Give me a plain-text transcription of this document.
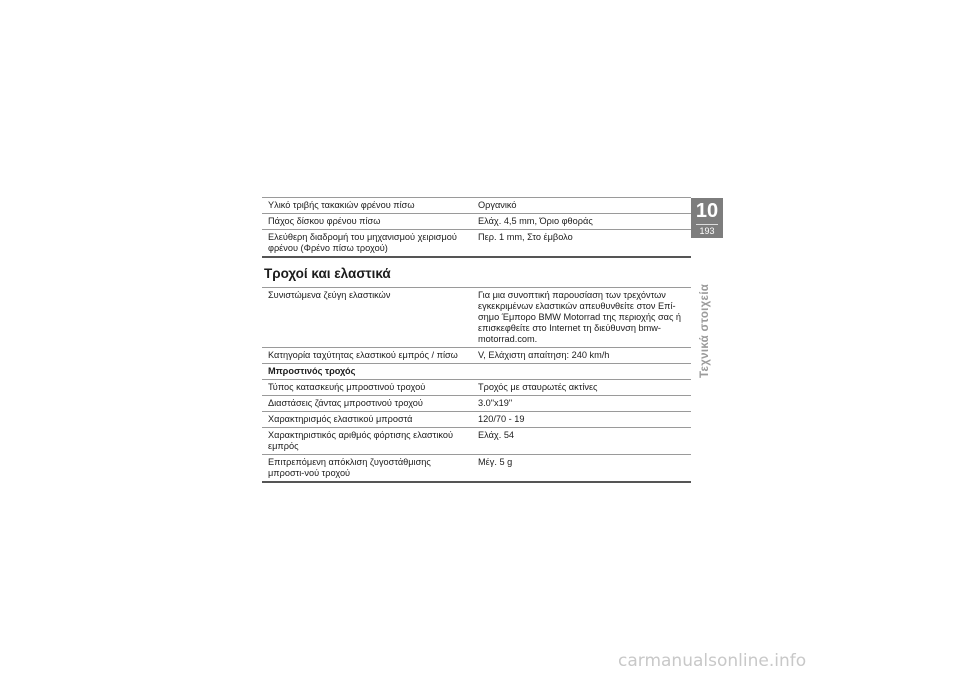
Υλικό τριβής τακακιών φρένου πίσω	Οργανικό
Πάχος δίσκου φρένου πίσω	Ελάχ. 4,5 mm, Όριο φθοράς
Ελεύθερη διαδρομή του μηχανισμού χειρισμού φρένου (Φρένο πίσω τροχού)	Περ. 1 mm, Στο έμβολο
Τροχοί και ελαστικά
Συνιστώμενα ζεύγη ελαστικών	Για μια συνοπτική παρουσίαση των τρεχόντων εγκεκριμένων ελαστικών απευθυνθείτε στον Επί-σημο Έμπορο BMW Motorrad της περιοχής σας ή επισκεφθείτε στο Internet τη διεύθυνση bmw-motorrad.com.
Κατηγορία ταχύτητας ελαστικού εμπρός / πίσω	V, Ελάχιστη απαίτηση: 240 km/h
Μπροστινός τροχός	
Τύπος κατασκευής μπροστινού τροχού	Τροχός με σταυρωτές ακτίνες
Διαστάσεις ζάντας μπροστινού τροχού	3.0"x19"
Χαρακτηρισμός ελαστικού μπροστά	120/70 - 19
Χαρακτηριστικός αριθμός φόρτισης ελαστικού εμπρός	Ελάχ. 54
Επιτρεπόμενη απόκλιση ζυγοστάθμισης μπροστι-νού τροχού	Μέγ. 5 g
10
193
Τεχνικά στοιχεία
carmanualsonline.info
